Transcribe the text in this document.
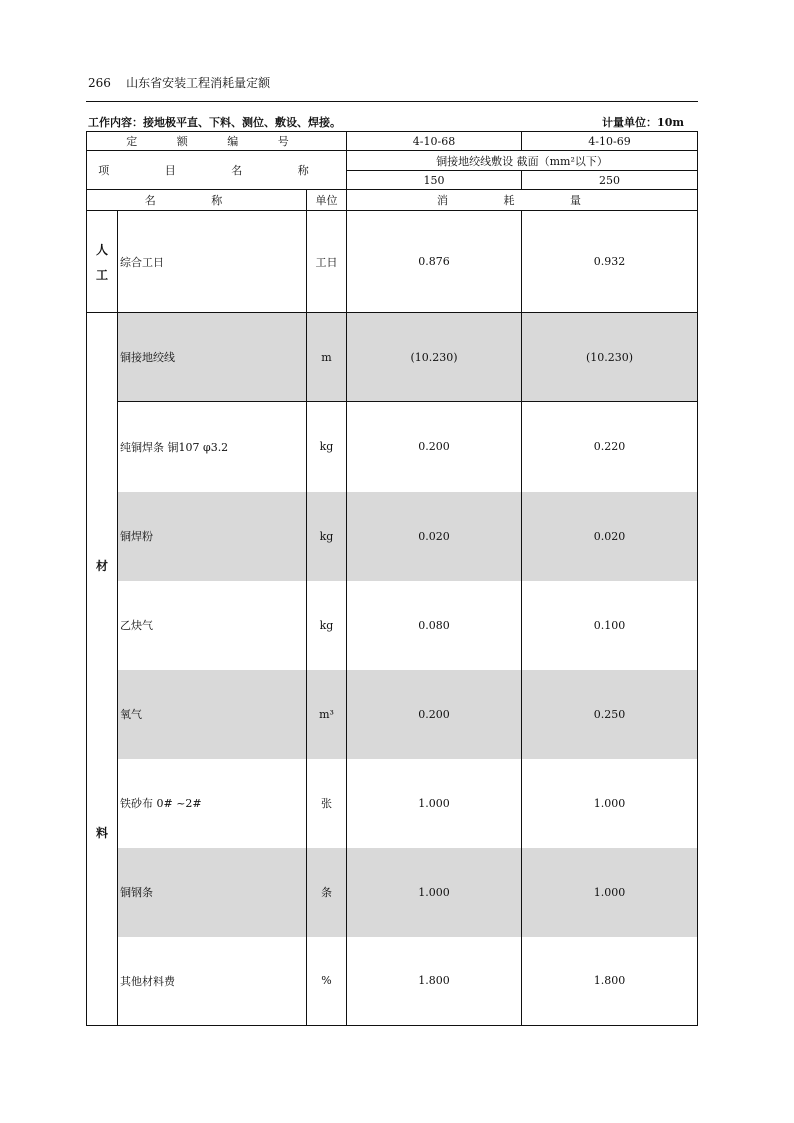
266 山东省安装工程消耗量定额
工作内容：接地极平直、下料、测位、敷设、焊接。	计量单位：10m
定 额 编 号			4-10-68	4-10-69
项 目 名 称			铜接地绞线敷设 截面（mm²以下）	
			150	250
名 称		单位	消 耗 量	

人
工	综合工日	工日	0.876	0.932

材
料	铜接地绞线	m	(10.230)	(10.230)
	纯铜焊条 铜107 φ3.2	kg	0.200	0.220
	铜焊粉	kg	0.020	0.020
	乙炔气	kg	0.080	0.100
	氧气	m³	0.200	0.250
	铁砂布 0# ~2#	张	1.000	1.000
	铜钢条	条	1.000	1.000
	其他材料费	%	1.800	1.800
